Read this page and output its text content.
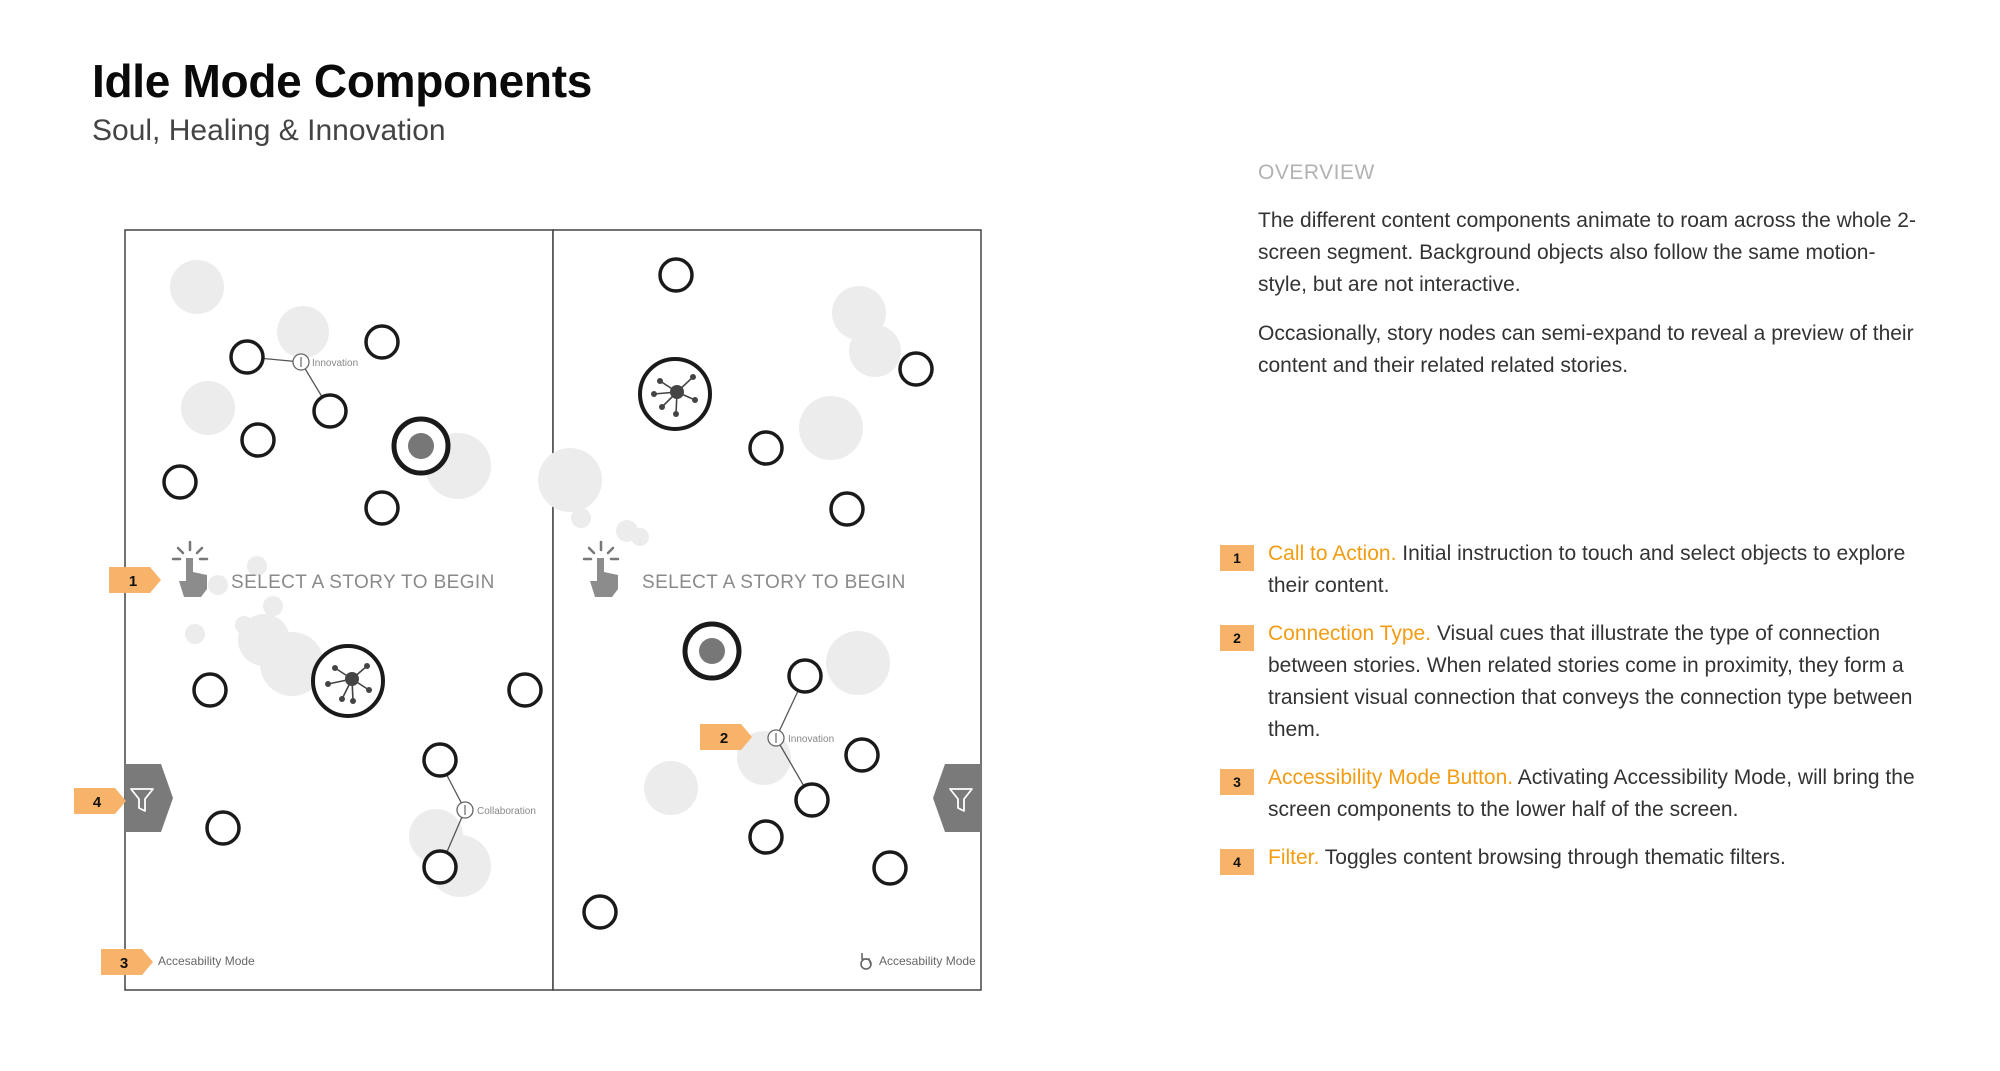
Idle Mode Components
Soul, Healing & Innovation
Innovation
Collaboration
Innovation
SELECT A STORY TO BEGIN	SELECT A STORY TO BEGIN
Accesability Mode	Accesability Mode
1
2
3
4
OVERVIEW

The different content components animate to roam across the whole 2-screen segment. Background objects also follow the same motion-style, but are not interactive.

Occasionally, story nodes can semi-expand to reveal a preview of their content and their related related stories.

1	Call to Action. Initial instruction to touch and select objects to explore their content.
2	Connection Type. Visual cues that illustrate the type of connection between stories. When related stories come in proximity, they form a transient visual connection that conveys the connection type between them.
3	Accessibility Mode Button. Activating Accessibility Mode, will bring the screen components to the lower half of the screen.
4	Filter. Toggles content browsing through thematic filters.
